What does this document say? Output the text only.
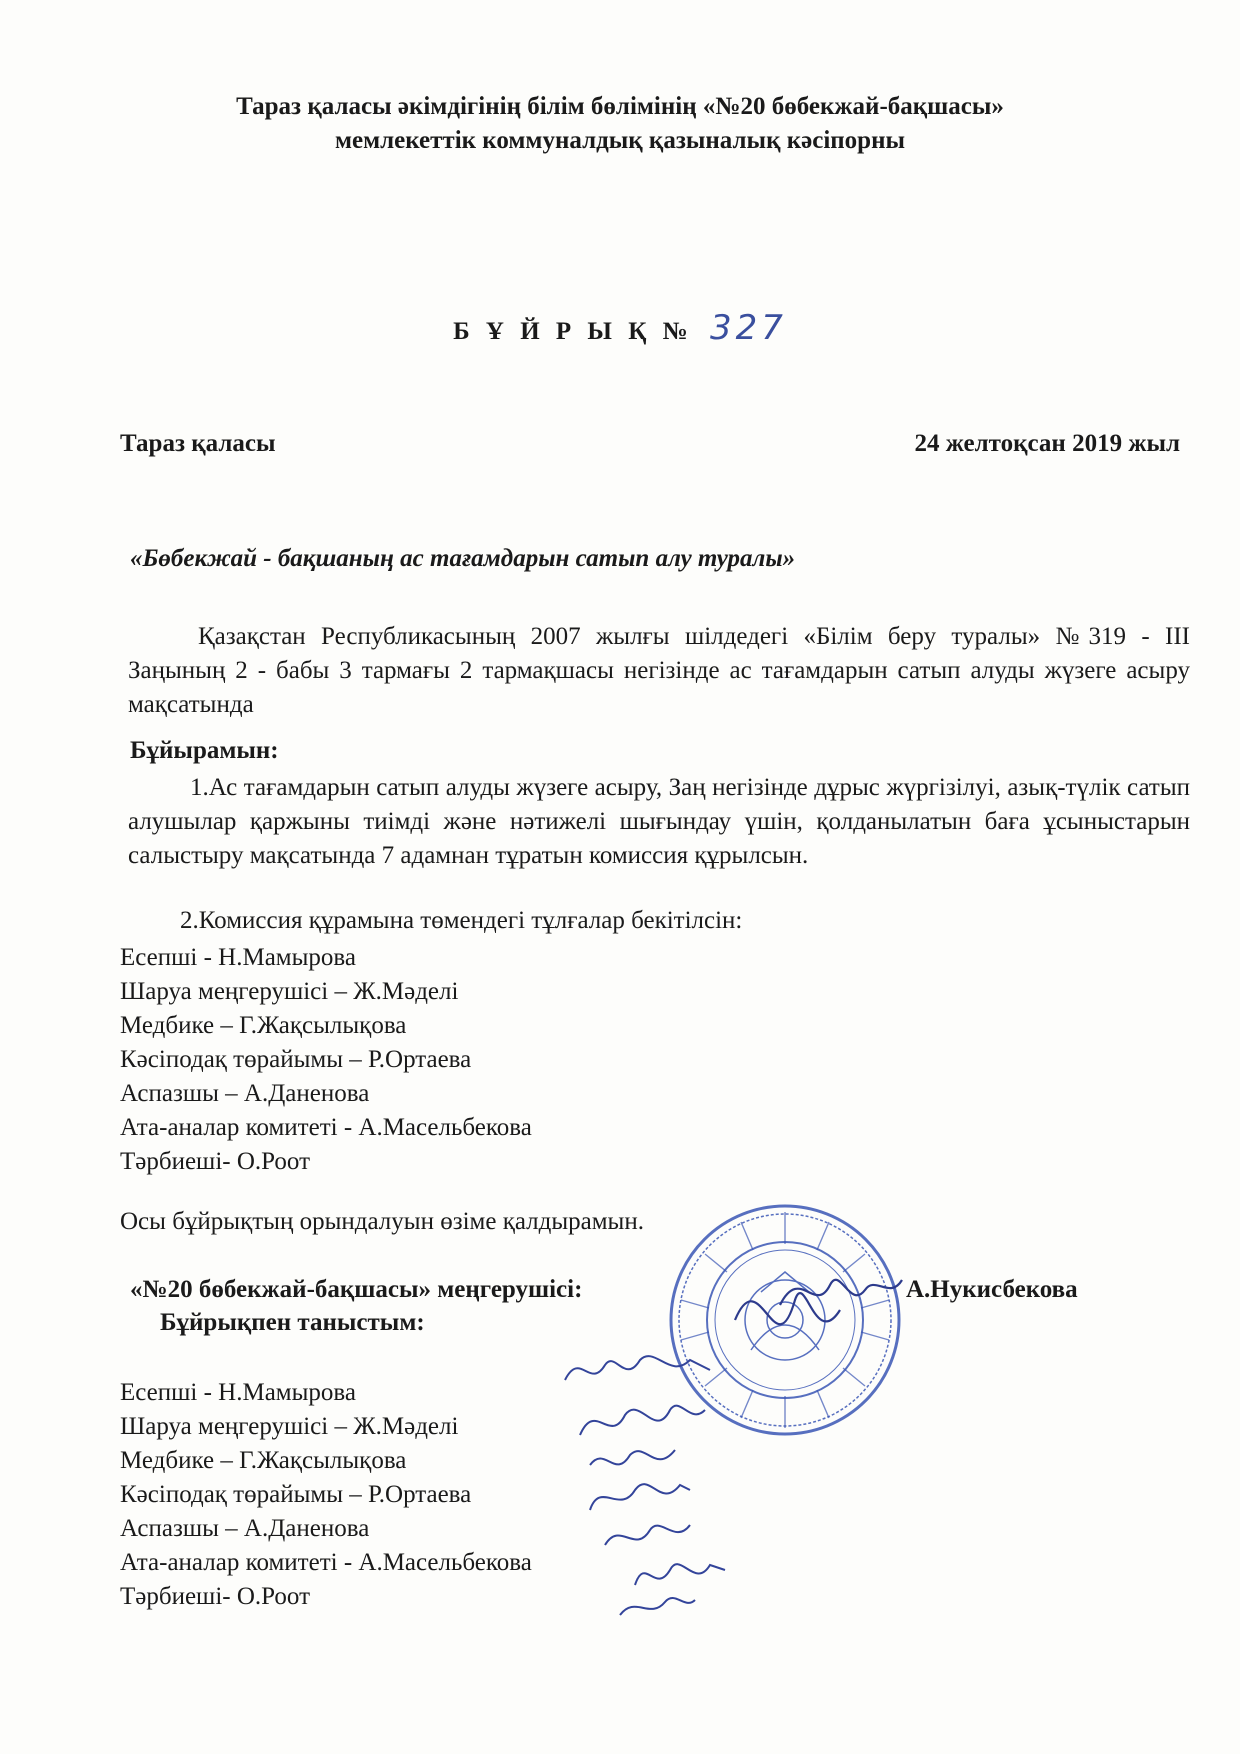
Тараз қаласы әкімдігінің білім бөлімінің «№20 бөбекжай-бақшасы»
мемлекеттік коммуналдық қазыналық кәсіпорны
Б Ұ Й Р Ы Қ № 327
Тараз қаласы	24 желтоқсан 2019 жыл
«Бөбекжай - бақшаның ас тағамдарын сатып алу туралы»
Қазақстан Республикасының 2007 жылғы шілдедегі «Білім беру туралы» №319 - III Заңының 2 - бабы 3 тармағы 2 тармақшасы негізінде ас тағамдарын сатып алуды жүзеге асыру мақсатында
Бұйырамын:
1.Ас тағамдарын сатып алуды жүзеге асыру, Заң негізінде дұрыс жүргізілуі, азық-түлік сатып алушылар қаржыны тиімді және нәтижелі шығындау үшін, қолданылатын баға ұсыныстарын салыстыру мақсатында 7 адамнан тұратын комиссия құрылсын.
2.Комиссия құрамына төмендегі тұлғалар бекітілсін:
Есепші - Н.Мамырова
Шаруа меңгерушісі – Ж.Мәделі
Медбике – Г.Жақсылықова
Кәсіподақ төрайымы – Р.Ортаева
Аспазшы – А.Даненова
Ата-аналар комитеті - А.Масельбекова
Тәрбиеші- О.Роот
Осы бұйрықтың орындалуын өзіме қалдырамын.
«№20 бөбекжай-бақшасы» меңгерушісі:	А.Нукисбекова
Бұйрықпен таныстым:
Есепші - Н.Мамырова
Шаруа меңгерушісі – Ж.Мәделі
Медбике – Г.Жақсылықова
Кәсіподақ төрайымы – Р.Ортаева
Аспазшы – А.Даненова
Ата-аналар комитеті - А.Масельбекова
Тәрбиеші- О.Роот
